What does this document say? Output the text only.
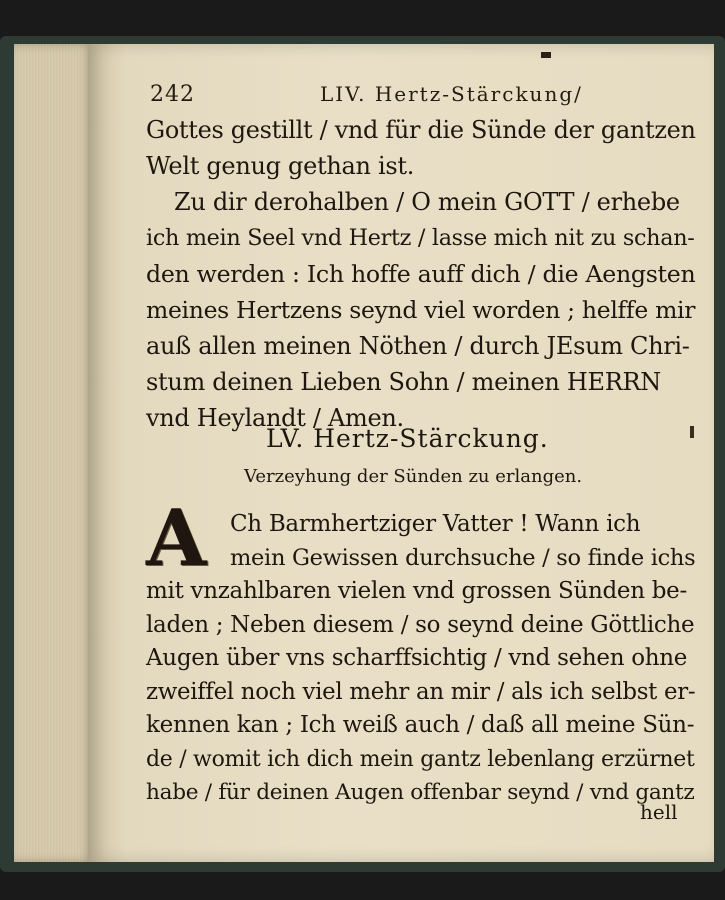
242	LIV. Hertz-Stärckung/
Gottes gestillt / vnd für die Sünde der gantzen
Welt genug gethan ist.
Zu dir derohalben / O mein GOTT / erhebe
ich mein Seel vnd Hertz / lasse mich nit zu schan-
den werden : Ich hoffe auff dich / die Aengsten
meines Hertzens seynd viel worden ; helffe mir
auß allen meinen Nöthen / durch JEsum Chri-
stum deinen Lieben Sohn / meinen HERRN
vnd Heylandt / Amen.
LV. Hertz-Stärckung.
Verzeyhung der Sünden zu erlangen.
A	Ch Barmhertziger Vatter ! Wann ich
mein Gewissen durchsuche / so finde ichs
mit vnzahlbaren vielen vnd grossen Sünden be-
laden ; Neben diesem / so seynd deine Göttliche
Augen über vns scharffsichtig / vnd sehen ohne
zweiffel noch viel mehr an mir / als ich selbst er-
kennen kan ; Ich weiß auch / daß all meine Sün-
de / womit ich dich mein gantz lebenlang erzürnet
habe / für deinen Augen offenbar seynd / vnd gantz
hell
